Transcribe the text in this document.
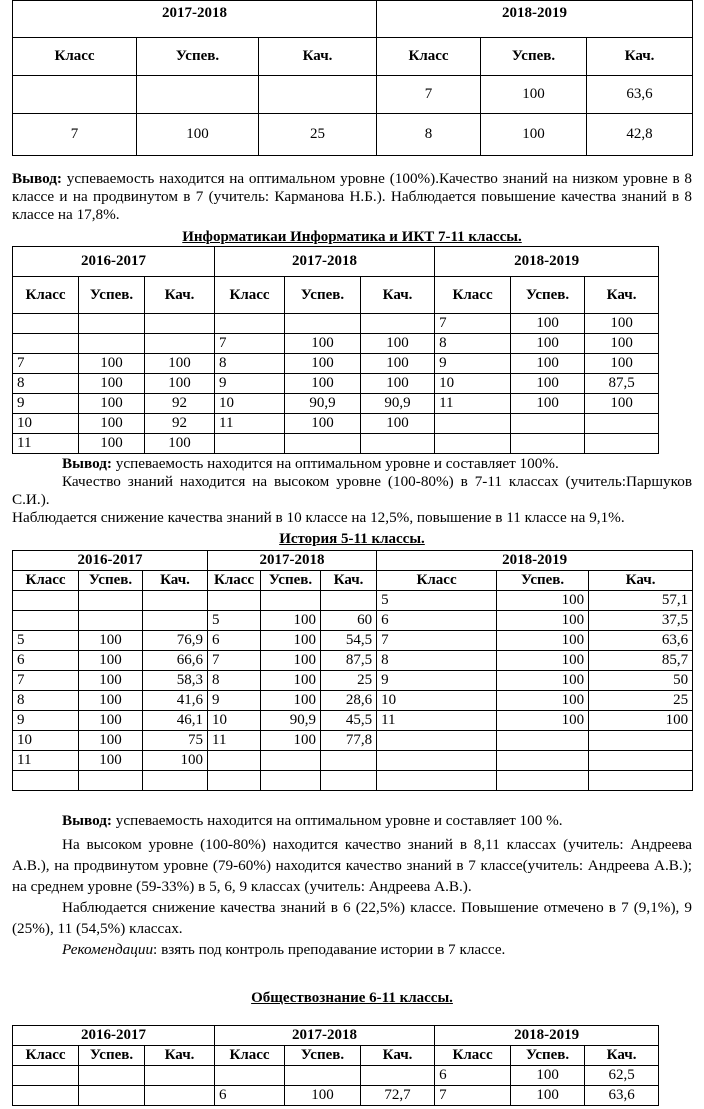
2017-2018			2018-2019		
Класс	Успев.	Кач.	Класс	Успев.	Кач.
			7	100	63,6
7	100	25	8	100	42,8
Вывод: успеваемость находится на оптимальном уровне (100%).Качество знаний на низком уровне в 8 классе и на продвинутом в 7 (учитель: Карманова Н.Б.). Наблюдается повышение качества знаний в 8 классе на 17,8%.
Информатикаи Информатика и ИКТ 7-11 классы.
2016-2017			2017-2018			2018-2019		
Класс	Успев.	Кач.	Класс	Успев.	Кач.	Класс	Успев.	Кач.
						7	100	100
			7	100	100	8	100	100
7	100	100	8	100	100	9	100	100
8	100	100	9	100	100	10	100	87,5
9	100	92	10	90,9	90,9	11	100	100
10	100	92	11	100	100			
11	100	100						
Вывод: успеваемость находится на оптимальном уровне и составляет 100%.
Качество знаний находится на высоком уровне (100-80%) в 7-11 классах (учитель:Паршуков С.И.).
Наблюдается снижение качества знаний в 10 классе на 12,5%, повышение в 11 классе на 9,1%.
История 5-11 классы.
2016-2017			2017-2018			2018-2019		
Класс	Успев.	Кач.	Класс	Успев.	Кач.	Класс	Успев.	Кач.
						5	100	57,1
			5	100	60	6	100	37,5
5	100	76,9	6	100	54,5	7	100	63,6
6	100	66,6	7	100	87,5	8	100	85,7
7	100	58,3	8	100	25	9	100	50
8	100	41,6	9	100	28,6	10	100	25
9	100	46,1	10	90,9	45,5	11	100	100
10	100	75	11	100	77,8			
11	100	100						

Вывод: успеваемость находится на оптимальном уровне и составляет 100 %.
На высоком уровне (100-80%) находится качество знаний в 8,11 классах (учитель: Андреева А.В.), на продвинутом уровне (79-60%) находится качество знаний в 7 классе(учитель: Андреева А.В.); на среднем уровне (59-33%) в 5, 6, 9 классах (учитель: Андреева А.В.).
Наблюдается снижение качества знаний в 6 (22,5%) классе. Повышение отмечено в 7 (9,1%), 9 (25%), 11 (54,5%) классах.
Рекомендации: взять под контроль преподавание истории в 7 классе.
Обществознание 6-11 классы.
2016-2017			2017-2018			2018-2019		
Класс	Успев.	Кач.	Класс	Успев.	Кач.	Класс	Успев.	Кач.
						6	100	62,5
			6	100	72,7	7	100	63,6
